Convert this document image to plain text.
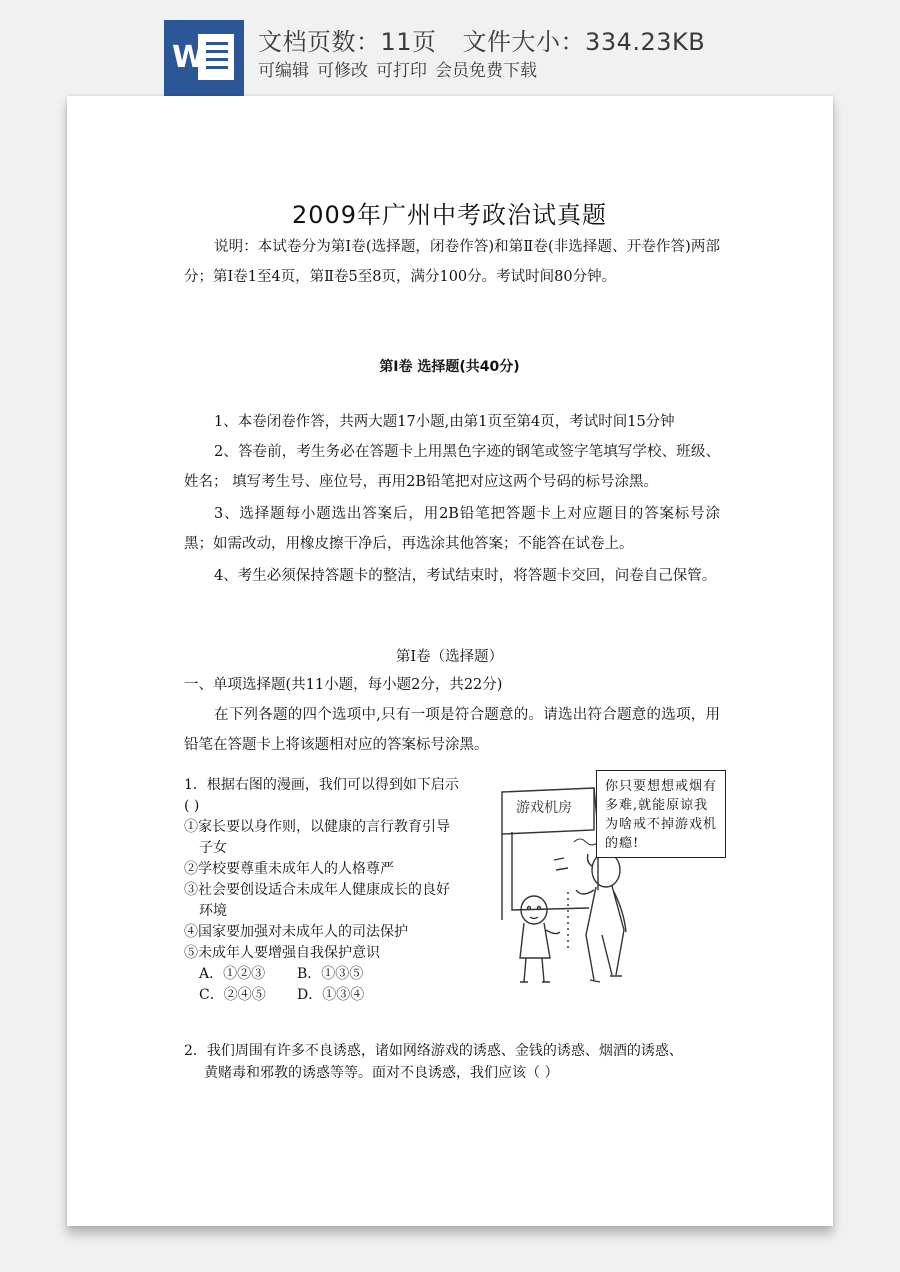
W 文档页数：11页 文件大小：334.23KB
可编辑 可修改 可打印 会员免费下载
2009年广州中考政治试真题
说明：本试卷分为第Ⅰ卷(选择题，闭卷作答)和第Ⅱ卷(非选择题、开卷作答)两部分；第Ⅰ卷1至4页，第Ⅱ卷5至8页，满分100分。考试时间80分钟。
第Ⅰ卷 选择题(共40分)
1、本卷闭卷作答，共两大题17小题,由第1页至第4页，考试时间15分钟
2、答卷前，考生务必在答题卡上用黑色字迹的钢笔或签字笔填写学校、班级、姓名； 填写考生号、座位号，再用2B铅笔把对应这两个号码的标号涂黑。
3、选择题每小题选出答案后，用2B铅笔把答题卡上对应题目的答案标号涂黑；如需改动，用橡皮擦干净后，再选涂其他答案；不能答在试卷上。
4、考生必须保持答题卡的整洁，考试结束时，将答题卡交回，问卷自己保管。
第Ⅰ卷（选择题）
一、单项选择题(共11小题，每小题2分，共22分)
在下列各题的四个选项中,只有一项是符合题意的。请选出符合题意的选项，用铅笔在答题卡上将该题相对应的答案标号涂黑。
1．根据右图的漫画，我们可以得到如下启示
( )
①家长要以身作则，以健康的言行教育引导
子女
②学校要尊重未成年人的人格尊严
③社会要创设适合未成年人健康成长的良好
环境
④国家要加强对未成年人的司法保护
⑤未成年人要增强自我保护意识
A．①②③ B．①③⑤
C．②④⑤ D．①③④
游戏机房
你只要想想戒烟有多难,就能原谅我为啥戒不掉游戏机的瘾!
2．我们周围有许多不良诱惑，诸如网络游戏的诱惑、金钱的诱惑、烟酒的诱惑、
黄赌毒和邪教的诱惑等等。面对不良诱惑，我们应该（ ）
